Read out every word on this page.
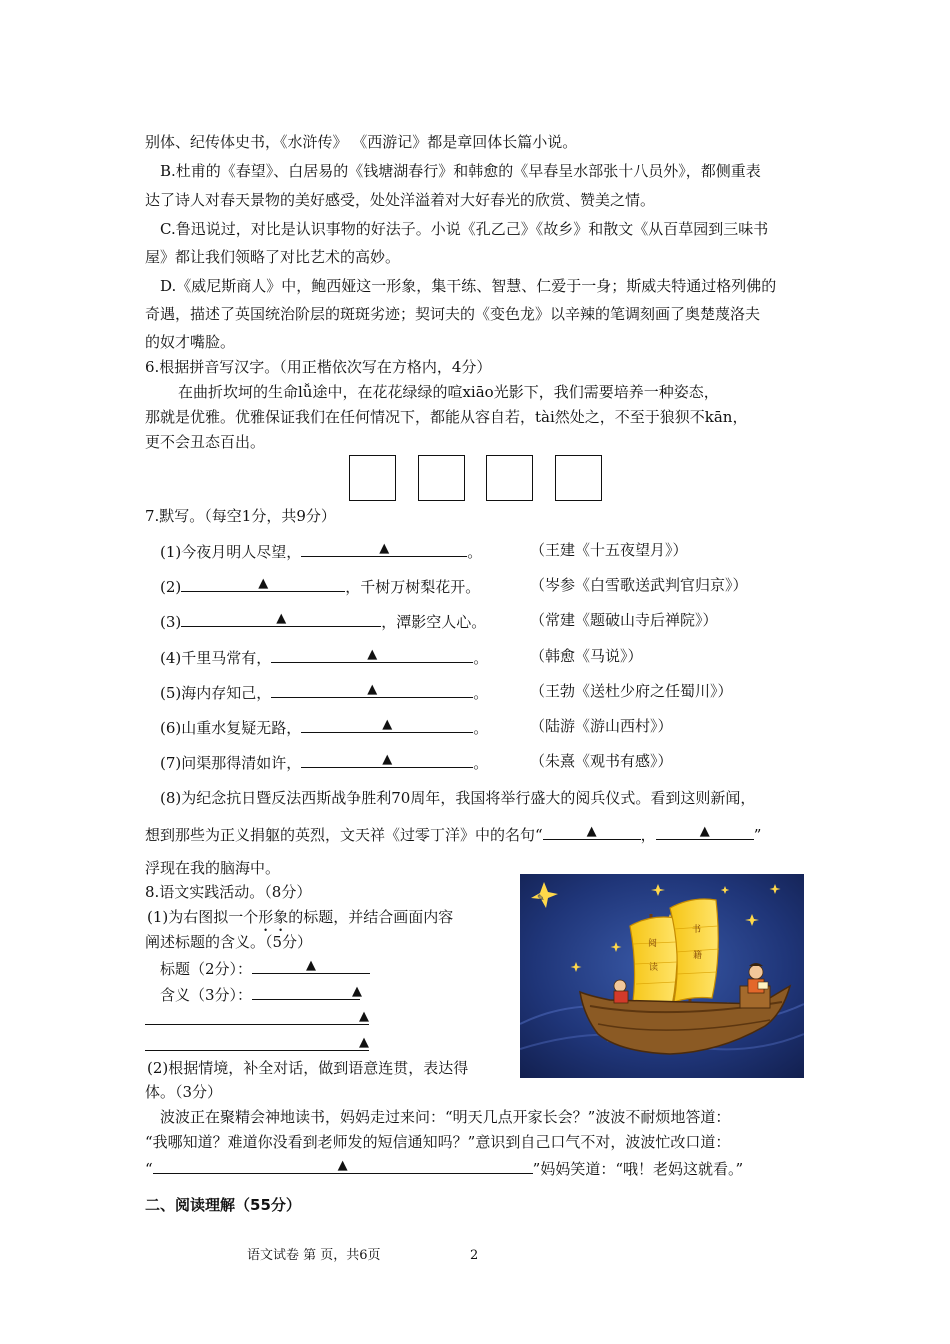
别体、纪传体史书，《水浒传》 《西游记》都是章回体长篇小说。
B.杜甫的《春望》、白居易的《钱塘湖春行》和韩愈的《早春呈水部张十八员外》，都侧重表
达了诗人对春天景物的美好感受，处处洋溢着对大好春光的欣赏、赞美之情。
C.鲁迅说过，对比是认识事物的好法子。小说《孔乙己》《故乡》和散文《从百草园到三味书
屋》都让我们领略了对比艺术的高妙。
D.《威尼斯商人》中，鲍西娅这一形象，集干练、智慧、仁爱于一身；斯威夫特通过格列佛的
奇遇，描述了英国统治阶层的斑斑劣迹；契诃夫的《变色龙》以辛辣的笔调刻画了奥楚蔑洛夫
的奴才嘴脸。
6.根据拼音写汉字。（用正楷依次写在方格内，4分）
在曲折坎坷的生命lǚ途中，在花花绿绿的喧xiāo光影下，我们需要培养一种姿态，
那就是优雅。优雅保证我们在任何情况下，都能从容自若，tài然处之，不至于狼狈不kān，
更不会丑态百出。
7.默写。（每空1分，共9分）
(1)今夜月明人尽望，	▲	。	（王建《十五夜望月》）
(2)	▲	，千树万树梨花开。	（岑参《白雪歌送武判官归京》）
(3)	▲	，潭影空人心。	（常建《题破山寺后禅院》）
(4)千里马常有，	▲	。	（韩愈《马说》）
(5)海内存知己，	▲	。	（王勃《送杜少府之任蜀川》）
(6)山重水复疑无路，	▲	。	（陆游《游山西村》）
(7)问渠那得清如许，	▲	。	（朱熹《观书有感》）
(8)为纪念抗日暨反法西斯战争胜利70周年，我国将举行盛大的阅兵仪式。看到这则新闻，
想到那些为正义捐躯的英烈，文天祥《过零丁洋》中的名句“	▲	，	▲	”
浮现在我的脑海中。
8.语文实践活动。（8分）
(1)为右图拟一个形象的标题，并结合画面内容
阐述标题的含义。（5分）
标题（2分）：	▲
含义（3分）：	▲
▲
▲
(2)根据情境，补全对话，做到语意连贯，表达得
体。（3分）
波波正在聚精会神地读书，妈妈走过来问：“明天几点开家长会？”波波不耐烦地答道：
“我哪知道？难道你没看到老师发的短信通知吗？”意识到自己口气不对，波波忙改口道：
“	▲	”妈妈笑道：“哦！老妈这就看。”
✎
阅
读
书
籍
二、阅读理解（55分）
语文试卷 第 页，共6页	2
